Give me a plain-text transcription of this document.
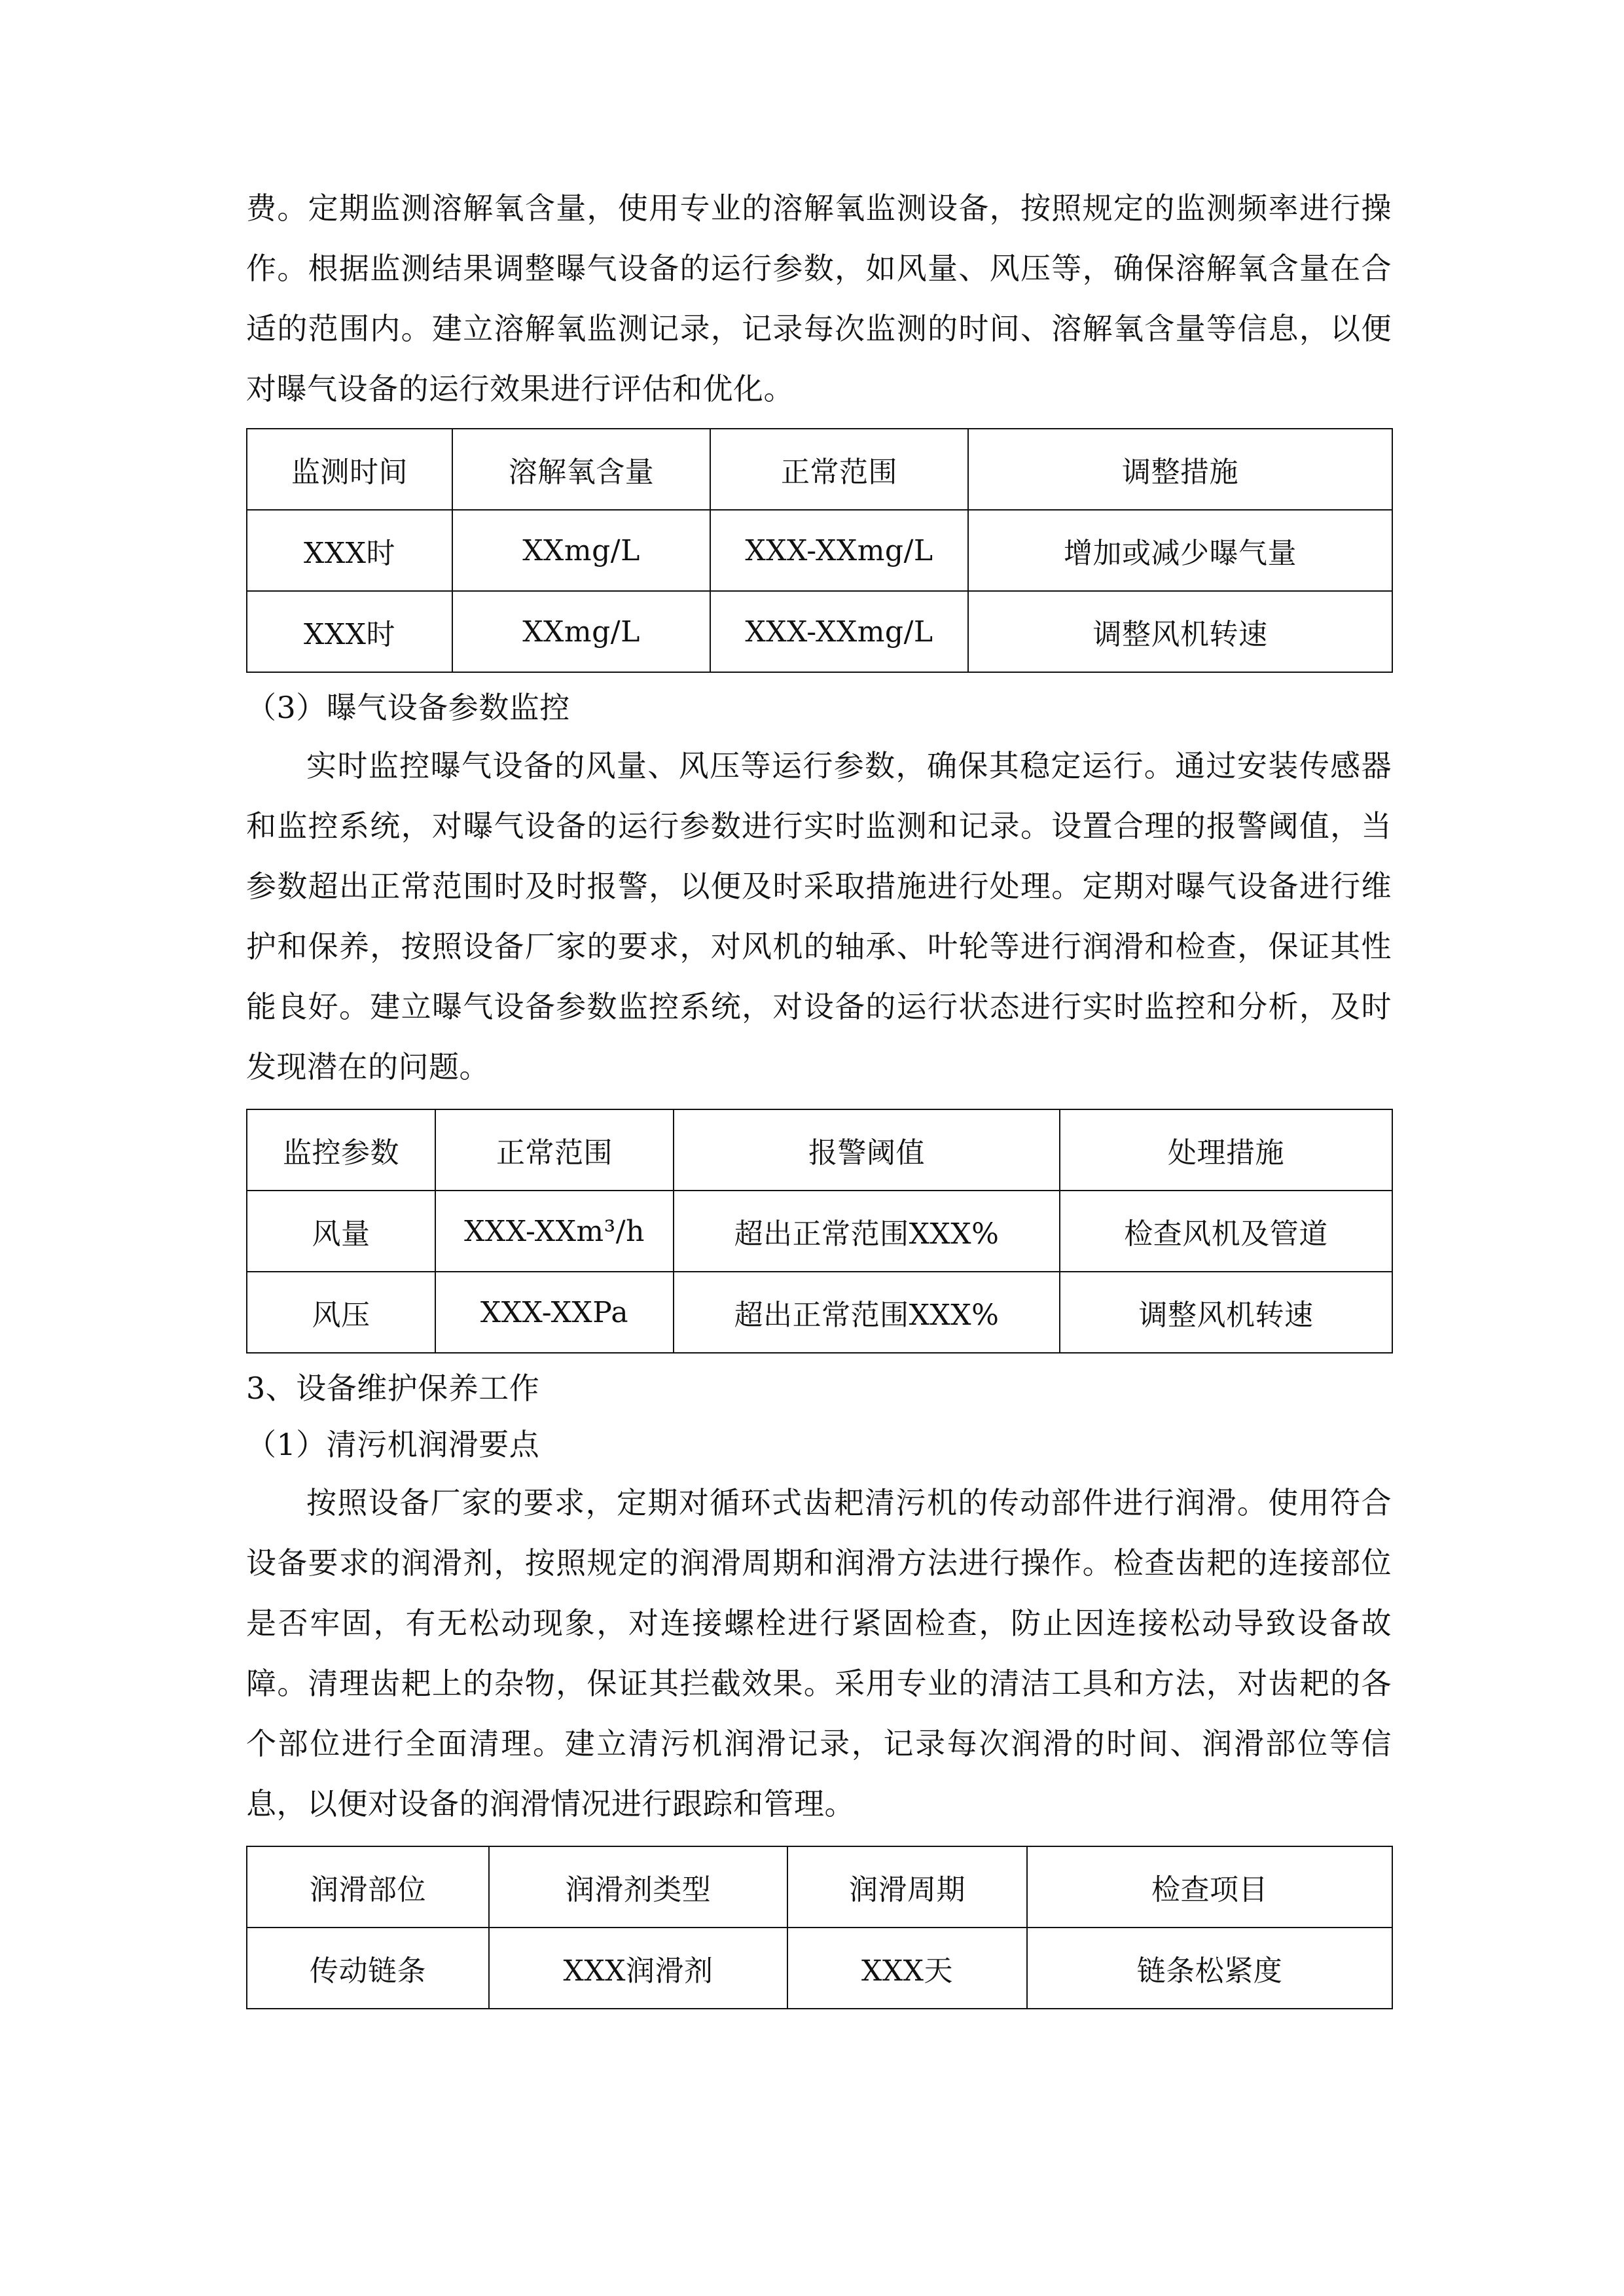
费。定期监测溶解氧含量，使用专业的溶解氧监测设备，按照规定的监测频率进行操作。根据监测结果调整曝气设备的运行参数，如风量、风压等，确保溶解氧含量在合适的范围内。建立溶解氧监测记录，记录每次监测的时间、溶解氧含量等信息，以便对曝气设备的运行效果进行评估和优化。

监测时间	溶解氧含量	正常范围	调整措施
XXX时	XXmg/L	XXX-XXmg/L	增加或减少曝气量
XXX时	XXmg/L	XXX-XXmg/L	调整风机转速

（3）曝气设备参数监控

实时监控曝气设备的风量、风压等运行参数，确保其稳定运行。通过安装传感器和监控系统，对曝气设备的运行参数进行实时监测和记录。设置合理的报警阈值，当参数超出正常范围时及时报警，以便及时采取措施进行处理。定期对曝气设备进行维护和保养，按照设备厂家的要求，对风机的轴承、叶轮等进行润滑和检查，保证其性能良好。建立曝气设备参数监控系统，对设备的运行状态进行实时监控和分析，及时发现潜在的问题。

监控参数	正常范围	报警阈值	处理措施
风量	XXX-XXm³/h	超出正常范围XXX%	检查风机及管道
风压	XXX-XXPa	超出正常范围XXX%	调整风机转速

3、设备维护保养工作

（1）清污机润滑要点

按照设备厂家的要求，定期对循环式齿耙清污机的传动部件进行润滑。使用符合设备要求的润滑剂，按照规定的润滑周期和润滑方法进行操作。检查齿耙的连接部位是否牢固，有无松动现象，对连接螺栓进行紧固检查，防止因连接松动导致设备故障。清理齿耙上的杂物，保证其拦截效果。采用专业的清洁工具和方法，对齿耙的各个部位进行全面清理。建立清污机润滑记录，记录每次润滑的时间、润滑部位等信息，以便对设备的润滑情况进行跟踪和管理。

润滑部位	润滑剂类型	润滑周期	检查项目
传动链条	XXX润滑剂	XXX天	链条松紧度
